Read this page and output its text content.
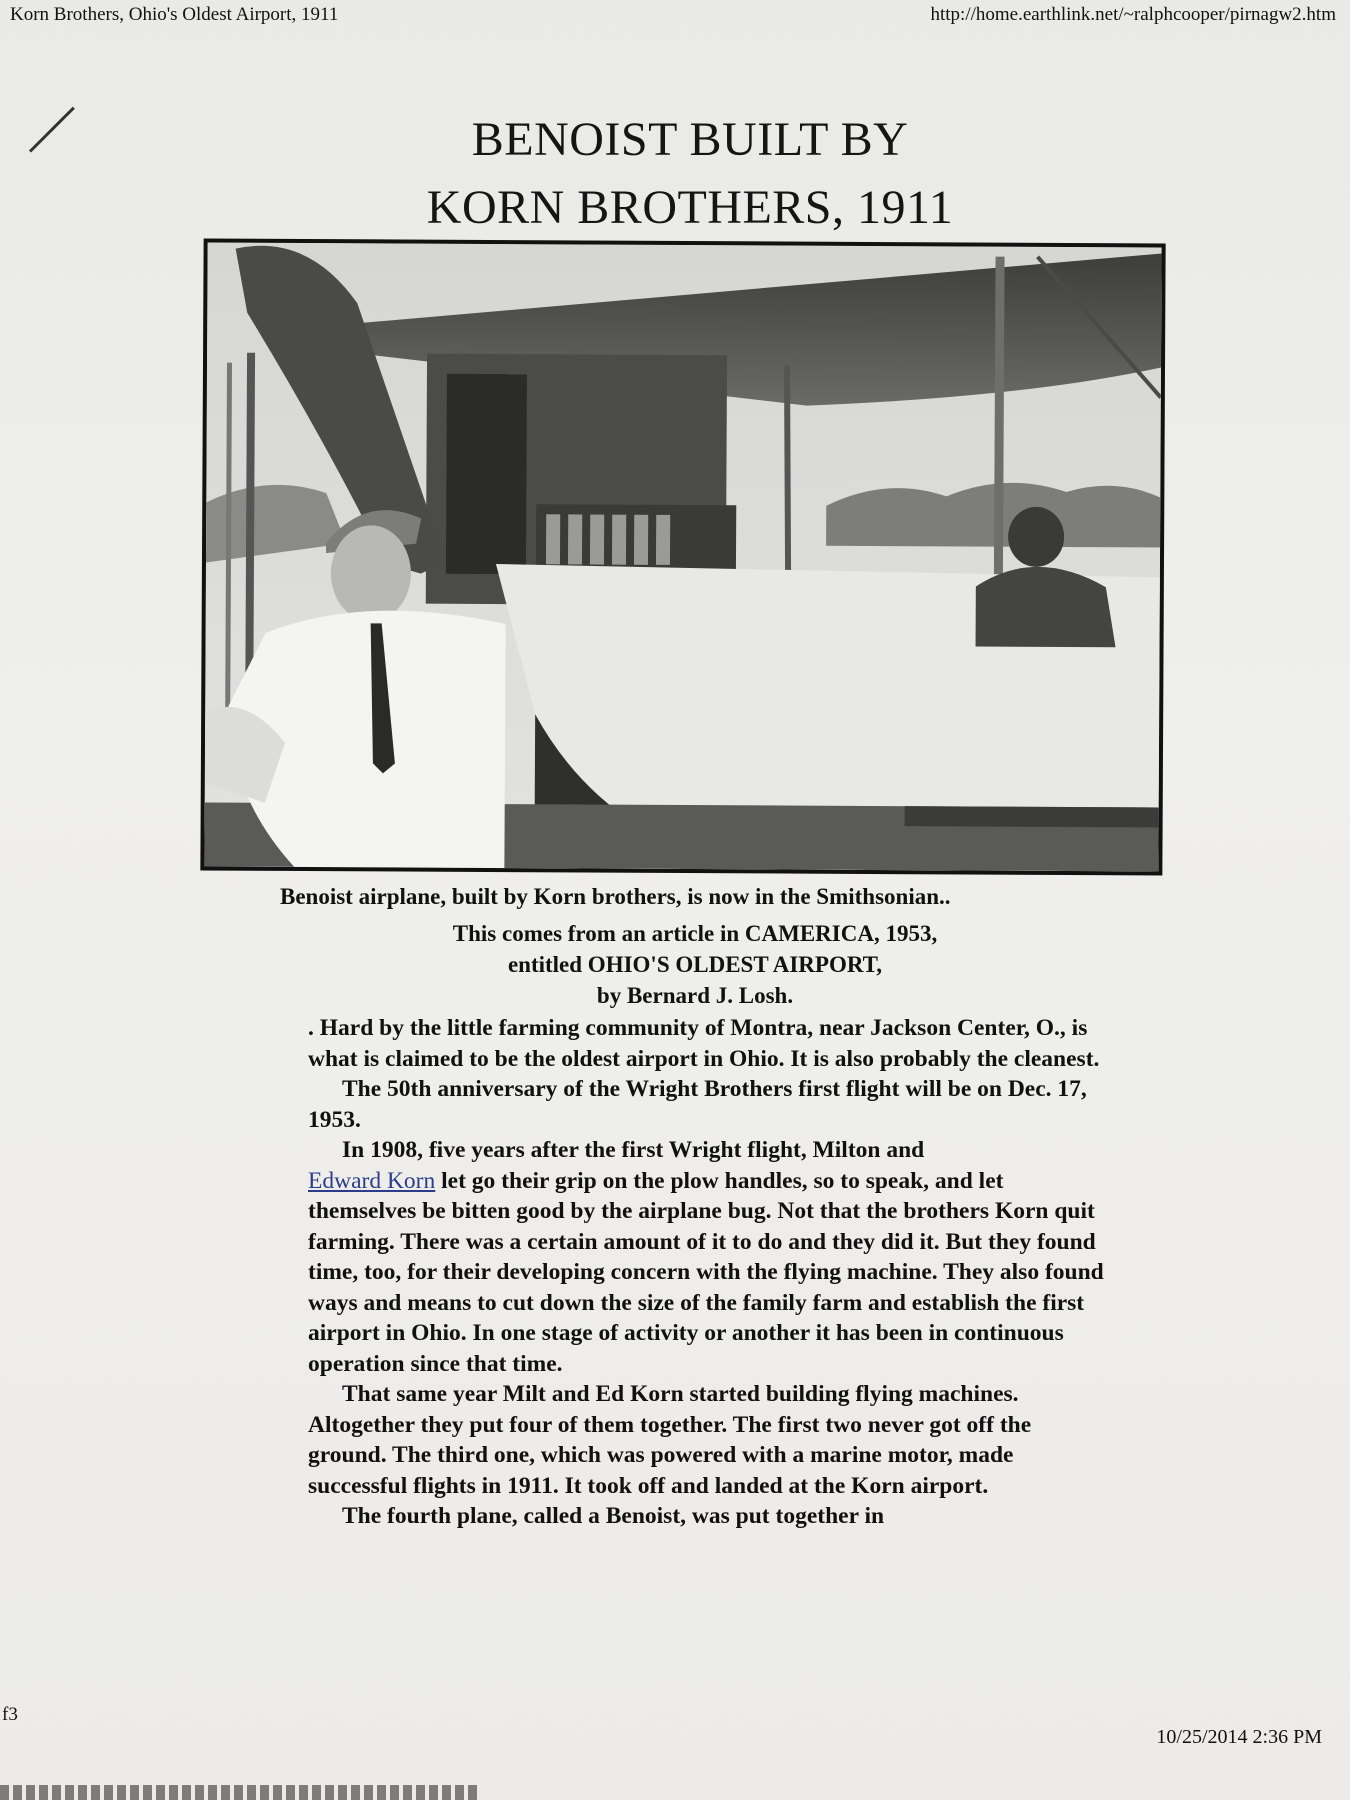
Korn Brothers, Ohio's Oldest Airport, 1911	http://home.earthlink.net/~ralphcooper/pirnagw2.htm
BENOIST BUILT BY
KORN BROTHERS, 1911
Benoist airplane, built by Korn brothers, is now in the Smithsonian..
This comes from an article in CAMERICA, 1953,
entitled OHIO'S OLDEST AIRPORT,
by Bernard J. Losh.

. Hard by the little farming community of Montra, near Jackson Center, O., is what is claimed to be the oldest airport in Ohio. It is also probably the cleanest.

The 50th anniversary of the Wright Brothers first flight will be on Dec. 17, 1953.

In 1908, five years after the first Wright flight, Milton and
Edward Korn let go their grip on the plow handles, so to speak, and let themselves be bitten good by the airplane bug. Not that the brothers Korn quit farming. There was a certain amount of it to do and they did it. But they found time, too, for their developing concern with the flying machine. They also found ways and means to cut down the size of the family farm and establish the first airport in Ohio. In one stage of activity or another it has been in continuous operation since that time.

That same year Milt and Ed Korn started building flying machines. Altogether they put four of them together. The first two never got off the ground. The third one, which was powered with a marine motor, made successful flights in 1911. It took off and landed at the Korn airport.

The fourth plane, called a Benoist, was put together in

f3
10/25/2014 2:36 PM
